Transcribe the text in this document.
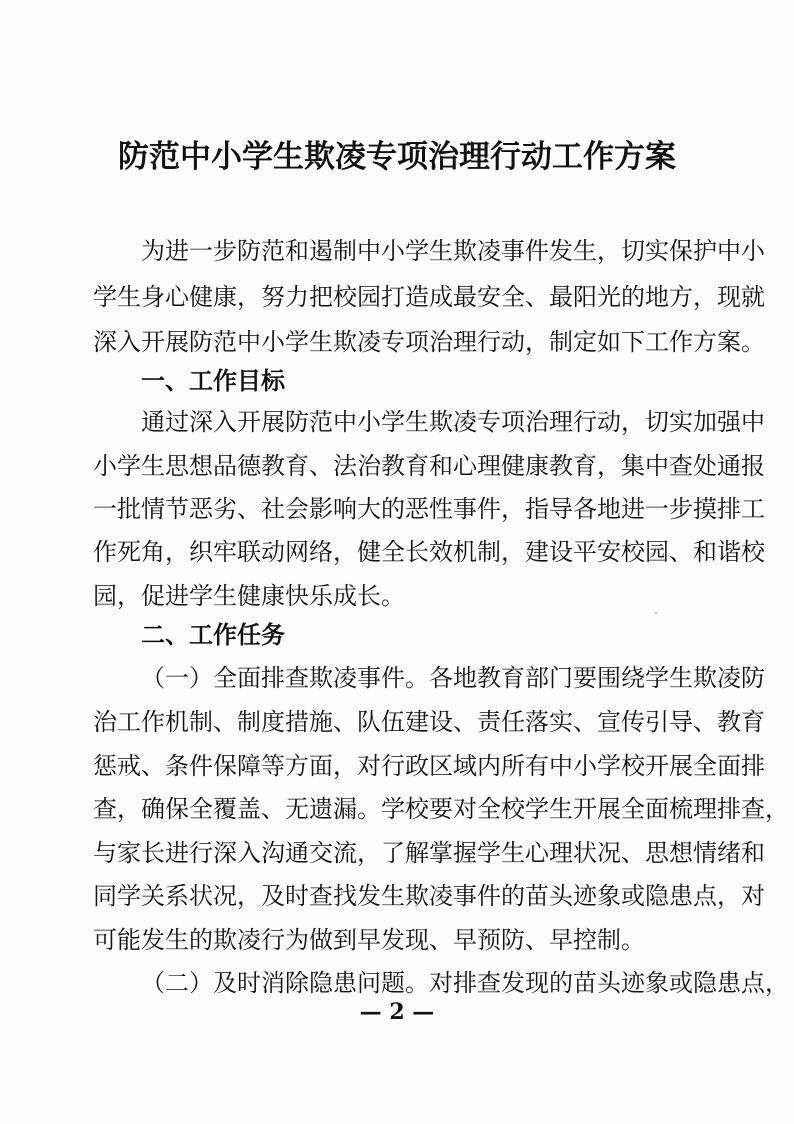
防范中小学生欺凌专项治理行动工作方案

为进一步防范和遏制中小学生欺凌事件发生，切实保护中小

学生身心健康，努力把校园打造成最安全、最阳光的地方，现就

深入开展防范中小学生欺凌专项治理行动，制定如下工作方案。

一、工作目标

通过深入开展防范中小学生欺凌专项治理行动，切实加强中

小学生思想品德教育、法治教育和心理健康教育，集中查处通报

一批情节恶劣、社会影响大的恶性事件，指导各地进一步摸排工

作死角，织牢联动网络，健全长效机制，建设平安校园、和谐校

园，促进学生健康快乐成长。

二、工作任务

（一）全面排查欺凌事件。各地教育部门要围绕学生欺凌防

治工作机制、制度措施、队伍建设、责任落实、宣传引导、教育

惩戒、条件保障等方面，对行政区域内所有中小学校开展全面排

查，确保全覆盖、无遗漏。学校要对全校学生开展全面梳理排查，

与家长进行深入沟通交流，了解掌握学生心理状况、思想情绪和

同学关系状况，及时查找发生欺凌事件的苗头迹象或隐患点，对

可能发生的欺凌行为做到早发现、早预防、早控制。

（二）及时消除隐患问题。对排查发现的苗头迹象或隐患点，

— 2 —
